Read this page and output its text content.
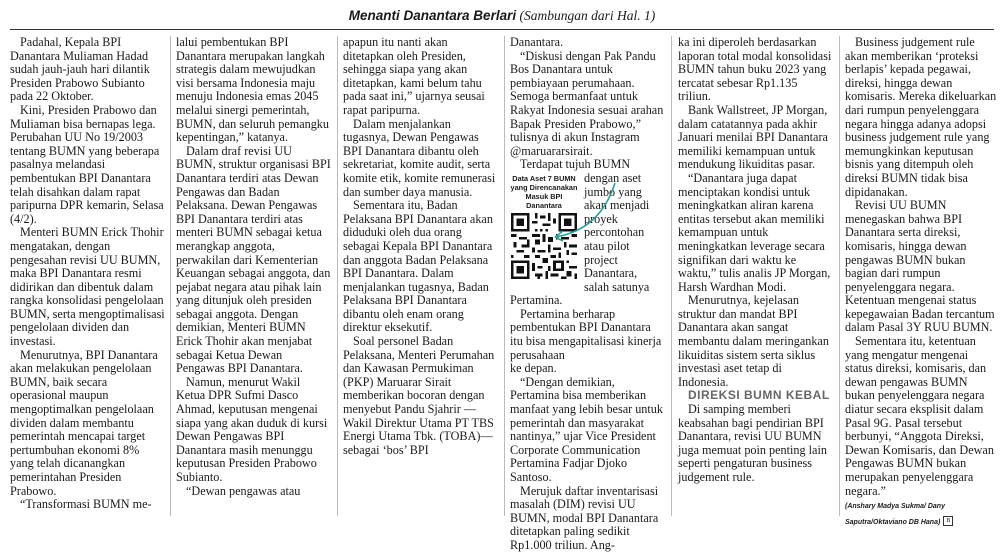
Menanti Danantara Berlari (Sambungan dari Hal. 1)

Padahal, Kepala BPI Danantara Muliaman Hadad sudah jauh-jauh hari dilantik Presiden Prabowo Subianto pada 22 Oktober.

Kini, Presiden Prabowo dan Muliaman bisa bernapas lega. Perubahan UU No 19/2003 tentang BUMN yang beberapa pasalnya melandasi pembentukan BPI Danantara telah disahkan dalam rapat paripurna DPR kemarin, Selasa (4/2).

Menteri BUMN Erick Thohir mengatakan, dengan pengesahan revisi UU BUMN, maka BPI Danantara resmi didirikan dan dibentuk dalam rangka konsolidasi pengelolaan BUMN, serta mengoptimalisasi pengelolaan dividen dan investasi.

Menurutnya, BPI Danantara akan melakukan pengelolaan BUMN, baik secara operasional maupun mengoptimalkan pengelolaan dividen dalam membantu pemerintah mencapai target pertumbuhan ekonomi 8% yang telah dicanangkan pemerintahan Presiden Prabowo.

“Transformasi BUMN me-

lalui pembentukan BPI Danantara merupakan langkah strategis dalam mewujudkan visi bersama Indonesia maju menuju Indonesia emas 2045 melalui sinergi pemerintah, BUMN, dan seluruh pemangku kepentingan,” katanya.

Dalam draf revisi UU BUMN, struktur organisasi BPI Danantara terdiri atas Dewan Pengawas dan Badan Pelaksana. Dewan Pengawas BPI Danantara terdiri atas menteri BUMN sebagai ketua merangkap anggota, perwakilan dari Kementerian Keuangan sebagai anggota, dan pejabat negara atau pihak lain yang ditunjuk oleh presiden sebagai anggota. Dengan demikian, Menteri BUMN Erick Thohir akan menjabat sebagai Ketua Dewan Pengawas BPI Danantara.

Namun, menurut Wakil Ketua DPR Sufmi Dasco Ahmad, keputusan mengenai siapa yang akan duduk di kursi Dewan Pengawas BPI Danantara masih menunggu keputusan Presiden Prabowo Subianto.

“Dewan pengawas atau

apapun itu nanti akan ditetapkan oleh Presiden, sehingga siapa yang akan ditetapkan, kami belum tahu pada saat ini,” ujarnya seusai rapat paripurna.

Dalam menjalankan tugasnya, Dewan Pengawas BPI Danantara dibantu oleh sekretariat, komite audit, serta komite etik, komite remunerasi dan sumber daya manusia.

Sementara itu, Badan Pelaksana BPI Danantara akan diduduki oleh dua orang sebagai Kepala BPI Danantara dan anggota Badan Pelaksana BPI Danantara. Dalam menjalankan tugasnya, Badan Pelaksana BPI Danantara dibantu oleh enam orang direktur eksekutif.

Soal personel Badan Pelaksana, Menteri Perumahan dan Kawasan Permukiman (PKP) Maruarar Sirait memberikan bocoran dengan menyebut Pandu Sjahrir —Wakil Direktur Utama PT TBS Energi Utama Tbk. (TOBA)— sebagai ‘bos’ BPI

Danantara.

“Diskusi dengan Pak Pandu Bos Danantara untuk pembiayaan perumahaan. Semoga bermanfaat untuk Rakyat Indonesia sesuai arahan Bapak Presiden Prabowo,” tulisnya di akun Instagram @maruararsirait.

Terdapat tujuh BUMN

Data Aset 7 BUMN yang Direncanakan Masuk BPI Danantara

dengan aset jumbo yang akan menjadi proyek percontohan atau pilot project Danantara, salah satunya Pertamina.

Pertamina berharap pembentukan BPI Danantara itu bisa mengapitalisasi kinerja perusahaan

ke depan.

“Dengan demikian, Pertamina bisa memberikan manfaat yang lebih besar untuk pemerintah dan masyarakat nantinya,” ujar Vice President Corporate Communication Pertamina Fadjar Djoko Santoso.

Merujuk daftar inventarisasi masalah (DIM) revisi UU BUMN, modal BPI Danantara ditetapkan paling sedikit Rp1.000 triliun. Ang-

ka ini diperoleh berdasarkan laporan total modal konsolidasi BUMN tahun buku 2023 yang tercatat sebesar Rp1.135 triliun.

Bank Wallstreet, JP Morgan, dalam catatannya pada akhir Januari menilai BPI Danantara memiliki kemampuan untuk mendukung likuiditas pasar.

“Danantara juga dapat menciptakan kondisi untuk meningkatkan aliran karena entitas tersebut akan memiliki kemampuan untuk meningkatkan leverage secara signifikan dari waktu ke waktu,” tulis analis JP Morgan, Harsh Wardhan Modi.

Menurutnya, kejelasan struktur dan mandat BPI Danantara akan sangat membantu dalam meringankan likuiditas sistem serta siklus investasi aset tetap di Indonesia.

DIREKSI BUMN KEBAL

Di samping memberi keabsahan bagi pendirian BPI Danantara, revisi UU BUMN juga memuat poin penting lain seperti pengaturan business judgement rule.

Business judgement rule akan memberikan ‘proteksi berlapis’ kepada pegawai, direksi, hingga dewan komisaris. Mereka dikeluarkan dari rumpun penyelenggara negara hingga adanya adopsi business judgement rule yang memungkinkan keputusan bisnis yang ditempuh oleh direksi BUMN tidak bisa dipidanakan.

Revisi UU BUMN menegaskan bahwa BPI Danantara serta direksi, komisaris, hingga dewan pengawas BUMN bukan bagian dari rumpun penyelenggara negara. Ketentuan mengenai status kepegawaian Badan tercantum dalam Pasal 3Y RUU BUMN.

Sementara itu, ketentuan yang mengatur mengenai status direksi, komisaris, dan dewan pengawas BUMN bukan penyelenggara negara diatur secara eksplisit dalam Pasal 9G. Pasal tersebut berbunyi, “Anggota Direksi, Dewan Komisaris, dan Dewan Pengawas BUMN bukan merupakan penyelenggara negara.”

(Anshary Madya Sukma/ Dany Saputra/Oktaviano DB Hana) B
